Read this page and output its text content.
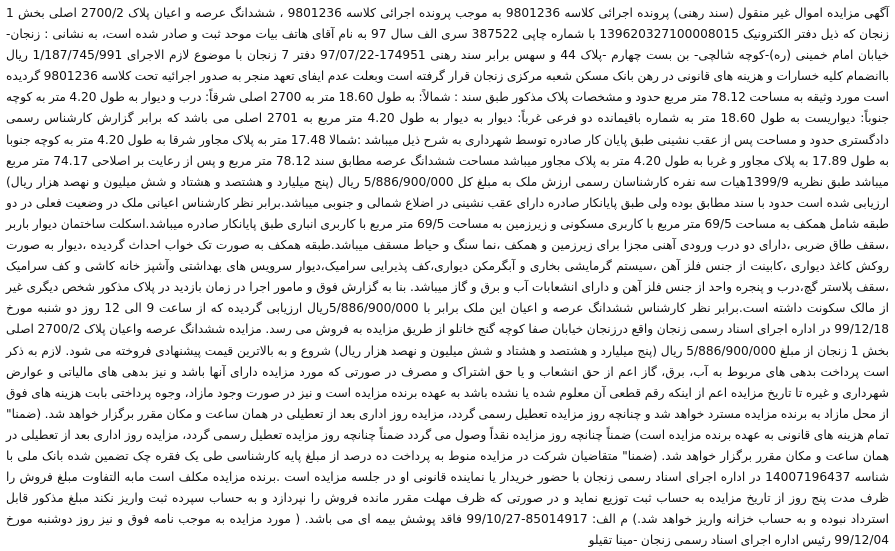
آگهی مزایده اموال غیر منقول (سند رهنی) پرونده اجرائی کلاسه 9801236 به موجب پرونده اجرائی کلاسه 9801236 ، ششدانگ عرصه و اعیان پلاک 2700/2 اصلی بخش 1 زنجان که ذیل دفتر الکترونیک 139620327100008015 با شماره چاپی 387522 سری الف سال 97 به نام آقای هاتف بیات موحد ثبت و صادر شده است، به نشانی : زنجان-خیابان امام خمینی (ره)-کوچه شالچی- بن بست چهارم -پلاک 44 و سهس برابر سند رهنی 174951-97/07/22 دفتر 7 زنجان با موضوع لازم الاجرای 1/187/745/991 ریال باانضمام کلیه خسارات و هزینه های قانونی در رهن بانک مسکن شعبه مرکزی زنجان قرار گرفته است وبعلت عدم ایفای تعهد منجر به صدور اجرائیه تحت کلاسه 9801236 گردیده است مورد وثیقه به مساحت 78.12 متر مربع حدود و مشخصات پلاک مذکور طبق سند : شمالاً: به طول 18.60 متر به 2700 اصلی شرقاً: درب و دیوار به طول 4.20 متر به کوچه جنوباً: دیواریست به طول 18.60 متر به شماره باقیمانده دو فرعی غرباً: دیوار به دیوار به طول 4.20 متر مربع به 2701 اصلی می باشد که برابر گزارش کارشناس رسمی دادگستری حدود و مساحت پس از عقب نشینی طبق پایان کار صادره توسط شهرداری به شرح ذیل میباشد :شمالا 17.48 متر به پلاک مجاور شرقا به طول 4.20 متر به کوچه جنوبا به طول 17.89 به پلاک مجاور و غربا به طول 4.20 متر به پلاک مجاور میباشد مساحت ششدانگ عرصه مطابق سند 78.12 متر مربع و پس از رعایت بر اصلاحی 74.17 متر مربع میباشد طبق نظریه 1399/9هیات سه نفره کارشناسان رسمی ارزش ملک به مبلغ کل 5/886/900/000 ریال (پنج میلیارد و هشتصد و هشتاد و شش میلیون و نهصد هزار ریال) ارزیابی شده است حدود با سند مطابق بوده ولی طبق پایانکار صادره دارای عقب نشینی در اضلاع شمالی و جنوبی میباشد.برابر نظر کارشناس اعیانی ملک در وضعیت فعلی در دو طبقه شامل همکف به مساحت 69/5 متر مربع با کاربری مسکونی و زیرزمین به مساحت 69/5 متر مربع با کاربری انباری طبق پایانکار صادره میباشد.اسکلت ساختمان دیوار باربر ،سقف طاق ضربی ،دارای دو درب ورودی آهنی مجزا برای زیرزمین و همکف ،نما سنگ و حیاط مسقف میباشد.طبقه همکف به صورت تک خواب احداث گردیده ،دیوار به صورت روکش کاغذ دیواری ،کابینت از جنس فلز آهن ،سیستم گرمایشی بخاری و آبگرمکن دیواری،کف پذیرایی سرامیک،دیوار سرویس های بهداشتی وآشپز خانه کاشی و کف سرامیک ،سقف پلاستر گچ،درب و پنجره واحد از جنس فلز آهن و دارای انشعابات آب و برق و گاز میباشد. بنا به گزارش فوق و مامور اجرا در زمان بازدید در پلاک مذکور شخص دیگری غیر از مالک سکونت داشته است.برابر نظر کارشناس ششدانگ عرصه و اعیان این ملک برابر با 5/886/900/000ریال ارزیابی گردیده که از ساعت 9 الی 12 روز دو شنبه مورخ 99/12/18 در اداره اجرای اسناد رسمی زنجان واقع درزنجان خیابان صفا کوچه گنج خانلو از طریق مزایده به فروش می رسد. مزایده ششدانگ عرصه واعیان پلاک 2700/2 اصلی بخش 1 زنجان از مبلغ 5/886/900/000 ریال (پنج میلیارد و هشتصد و هشتاد و شش میلیون و نهصد هزار ریال) شروع و به بالاترین قیمت پیشنهادی فروخته می شود. لازم به ذکر است پرداخت بدهی های مربوط به آب، برق، گاز اعم از حق انشعاب و یا حق اشتراک و مصرف در صورتی که مورد مزایده دارای آنها باشد و نیز بدهی های مالیاتی و عوارض شهرداری و غیره تا تاریخ مزایده اعم از اینکه رقم قطعی آن معلوم شده یا نشده باشد به عهده برنده مزایده است و نیز در صورت وجود مازاد، وجوه پرداختی بابت هزینه های فوق از محل مازاد به برنده مزایده مسترد خواهد شد و چنانچه روز مزایده تعطیل رسمی گردد، مزایده روز اداری بعد از تعطیلی در همان ساعت و مکان مقرر برگزار خواهد شد. (ضمنا" تمام هزینه های قانونی به عهده برنده مزایده است) ضمناً چنانچه روز مزایده نقداً وصول می گردد ضمناً چنانچه روز مزایده تعطیل رسمی گردد، مزایده روز اداری بعد از تعطیلی در همان ساعت و مکان مقرر برگزار خواهد شد. (ضمنا" متقاضیان شرکت در مزایده منوط به پرداخت ده درصد از مبلغ پایه کارشناسی طی یک فقره چک تضمین شده بانک ملی با شناسه 14007196437 در اداره اجرای اسناد رسمی زنجان با حضور خریدار یا نماینده قانونی او در جلسه مزایده است .برنده مزایده مکلف است مابه التفاوت مبلغ فروش را ظرف مدت پنج روز از تاریخ مزایده به حساب ثبت توزیع نماید و در صورتی که ظرف مهلت مقرر مانده فروش را نپردازد و به حساب سپرده ثبت واریز نکند مبلغ مذکور قابل استرداد نبوده و به حساب خزانه واریز خواهد شد.) م الف: 85014917-99/10/27 فاقد پوشش بیمه ای می باشد. ( مورد مزایده به موجب نامه فوق و نیز روز دوشنبه مورخ 99/12/04 رئیس اداره اجرای اسناد رسمی زنجان -مینا تقیلو
